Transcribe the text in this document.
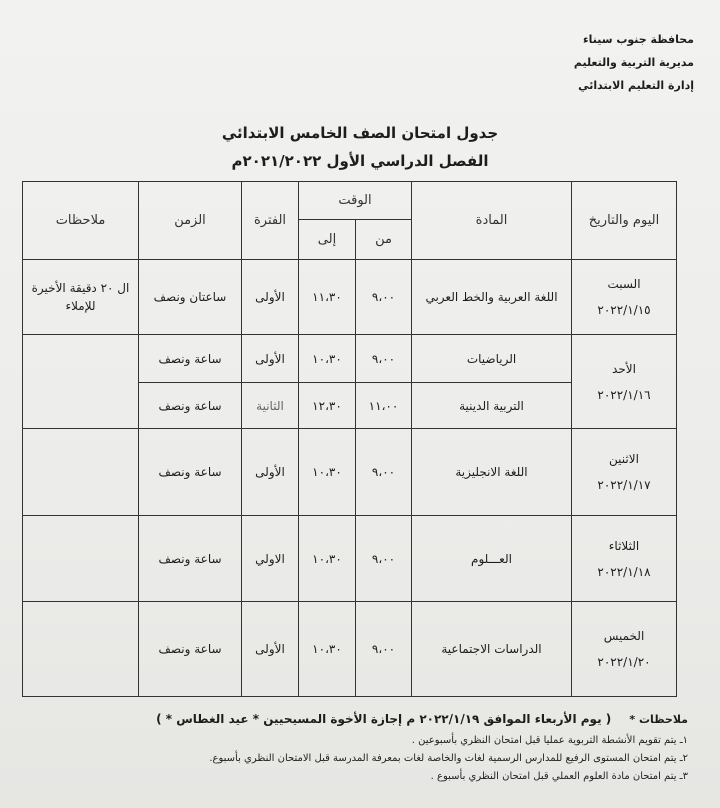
محافظة جنوب سيناء
مديرية التربية والتعليم
إدارة التعليم الابتدائي
جدول امتحان الصف الخامس الابتدائي
الفصل الدراسي الأول ٢٠٢١/٢٠٢٢م
اليوم والتاريخ	المادة	الوقت		الفترة	الزمن	ملاحظات
		من	إلى			
السبت
٢٠٢٢/١/١٥	اللغة العربية والخط العربي	٩،٠٠	١١،٣٠	الأولى	ساعتان ونصف	ال ٢٠ دقيقة الأخيرة للإملاء
الأحد
٢٠٢٢/١/١٦	الرياضيات	٩،٠٠	١٠،٣٠	الأولى	ساعة ونصف	
	التربية الدينية	١١،٠٠	١٢،٣٠	الثانية	ساعة ونصف	
الاثنين
٢٠٢٢/١/١٧	اللغة الانجليزية	٩،٠٠	١٠،٣٠	الأولى	ساعة ونصف	
الثلاثاء
٢٠٢٢/١/١٨	العـــلوم	٩،٠٠	١٠،٣٠	الاولي	ساعة ونصف	
الخميس
٢٠٢٢/١/٢٠	الدراسات الاجتماعية	٩،٠٠	١٠،٣٠	الأولى	ساعة ونصف	
ملاحظات * ( يوم الأربعاء الموافق ٢٠٢٢/١/١٩ م إجازة الأخوة المسيحيين * عيد الغطاس * )
١ـ يتم تقويم الأنشطة التربوية عمليا قبل امتحان النظري بأسبوعين .
٢ـ يتم امتحان المستوى الرفيع للمدارس الرسمية لغات والخاصة لغات بمعرفة المدرسة قبل الامتحان النظري بأسبوع.
٣ـ يتم امتحان مادة العلوم العملي قبل امتحان النظري بأسبوع .
